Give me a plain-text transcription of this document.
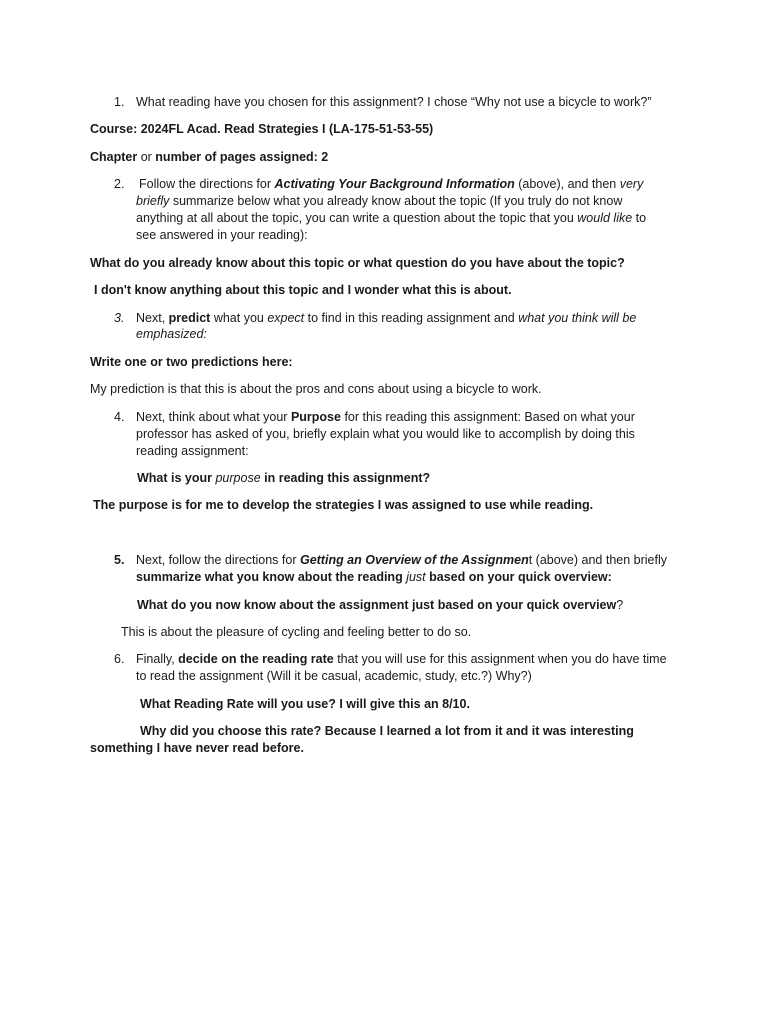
1. What reading have you chosen for this assignment? I chose “Why not use a bicycle to work?”
Course: 2024FL Acad. Read Strategies I (LA-175-51-53-55)
Chapter or number of pages assigned: 2
2. Follow the directions for Activating Your Background Information (above), and then very
briefly summarize below what you already know about the topic (If you truly do not know
anything at all about the topic, you can write a question about the topic that you would like to
see answered in your reading):
What do you already know about this topic or what question do you have about the topic?
I don't know anything about this topic and I wonder what this is about.
3. Next, predict what you expect to find in this reading assignment and what you think will be
emphasized:
Write one or two predictions here:
My prediction is that this is about the pros and cons about using a bicycle to work.
4. Next, think about what your Purpose for this reading this assignment: Based on what your
professor has asked of you, briefly explain what you would like to accomplish by doing this
reading assignment:
What is your purpose in reading this assignment?
The purpose is for me to develop the strategies I was assigned to use while reading.
5. Next, follow the directions for Getting an Overview of the Assignment (above) and then briefly
summarize what you know about the reading just based on your quick overview:
What do you now know about the assignment just based on your quick overview?
This is about the pleasure of cycling and feeling better to do so.
6. Finally, decide on the reading rate that you will use for this assignment when you do have time
to read the assignment (Will it be casual, academic, study, etc.?) Why?)
What Reading Rate will you use? I will give this an 8/10.
Why did you choose this rate? Because I learned a lot from it and it was interesting
something I have never read before.
